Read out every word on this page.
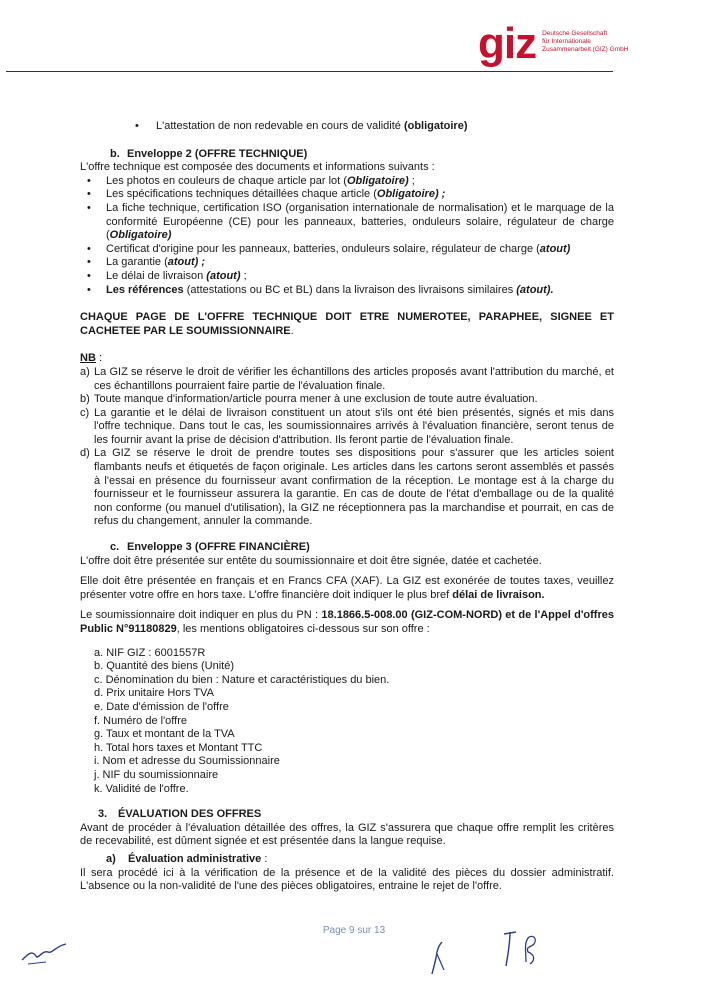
giz Deutsche Gesellschaft
für Internationale
Zusammenarbeit (GIZ) GmbH

• L'attestation de non redevable en cours de validité (obligatoire)

b. Enveloppe 2 (OFFRE TECHNIQUE)

L'offre technique est composée des documents et informations suivants :

• Les photos en couleurs de chaque article par lot (Obligatoire) ;

• Les spécifications techniques détaillées chaque article (Obligatoire) ;

• La fiche technique, certification ISO (organisation internationale de normalisation) et le marquage de la conformité Européenne (CE) pour les panneaux, batteries, onduleurs solaire, régulateur de charge (Obligatoire)

• Certificat d'origine pour les panneaux, batteries, onduleurs solaire, régulateur de charge (atout)

• La garantie (atout) ;

• Le délai de livraison (atout) ;

• Les références (attestations ou BC et BL) dans la livraison des livraisons similaires (atout).

CHAQUE PAGE DE L'OFFRE TECHNIQUE DOIT ETRE NUMEROTEE, PARAPHEE, SIGNEE ET CACHETEE PAR LE SOUMISSIONNAIRE.

NB :

a) La GIZ se réserve le droit de vérifier les échantillons des articles proposés avant l'attribution du marché, et ces échantillons pourraient faire partie de l'évaluation finale.

b) Toute manque d'information/article pourra mener à une exclusion de toute autre évaluation.

c) La garantie et le délai de livraison constituent un atout s'ils ont été bien présentés, signés et mis dans l'offre technique. Dans tout le cas, les soumissionnaires arrivés à l'évaluation financière, seront tenus de les fournir avant la prise de décision d'attribution. Ils feront partie de l'évaluation finale.

d) La GIZ se réserve le droit de prendre toutes ses dispositions pour s'assurer que les articles soient flambants neufs et étiquetés de façon originale. Les articles dans les cartons seront assemblés et passés à l'essai en présence du fournisseur avant confirmation de la réception. Le montage est à la charge du fournisseur et le fournisseur assurera la garantie. En cas de doute de l'état d'emballage ou de la qualité non conforme (ou manuel d'utilisation), la GIZ ne réceptionnera pas la marchandise et pourrait, en cas de refus du changement, annuler la commande.

c. Enveloppe 3 (OFFRE FINANCIÈRE)

L'offre doit être présentée sur entête du soumissionnaire et doit être signée, datée et cachetée.

Elle doit être présentée en français et en Francs CFA (XAF). La GIZ est exonérée de toutes taxes, veuillez présenter votre offre en hors taxe. L'offre financière doit indiquer le plus bref délai de livraison.

Le soumissionnaire doit indiquer en plus du PN : 18.1866.5-008.00 (GIZ-COM-NORD) et de l'Appel d'offres Public N°91180829, les mentions obligatoires ci-dessous sur son offre :

a. NIF GIZ : 6001557R

b. Quantité des biens (Unité)

c. Dénomination du bien : Nature et caractéristiques du bien.

d. Prix unitaire Hors TVA

e. Date d'émission de l'offre

f. Numéro de l'offre

g. Taux et montant de la TVA

h. Total hors taxes et Montant TTC

i. Nom et adresse du Soumissionnaire

j. NIF du soumissionnaire

k. Validité de l'offre.

3. ÉVALUATION DES OFFRES

Avant de procéder à l'évaluation détaillée des offres, la GIZ s'assurera que chaque offre remplit les critères de recevabilité, est dûment signée et est présentée dans la langue requise.

a) Évaluation administrative :

Il sera procédé ici à la vérification de la présence et de la validité des pièces du dossier administratif. L'absence ou la non-validité de l'une des pièces obligatoires, entraine le rejet de l'offre.

Page 9 sur 13
